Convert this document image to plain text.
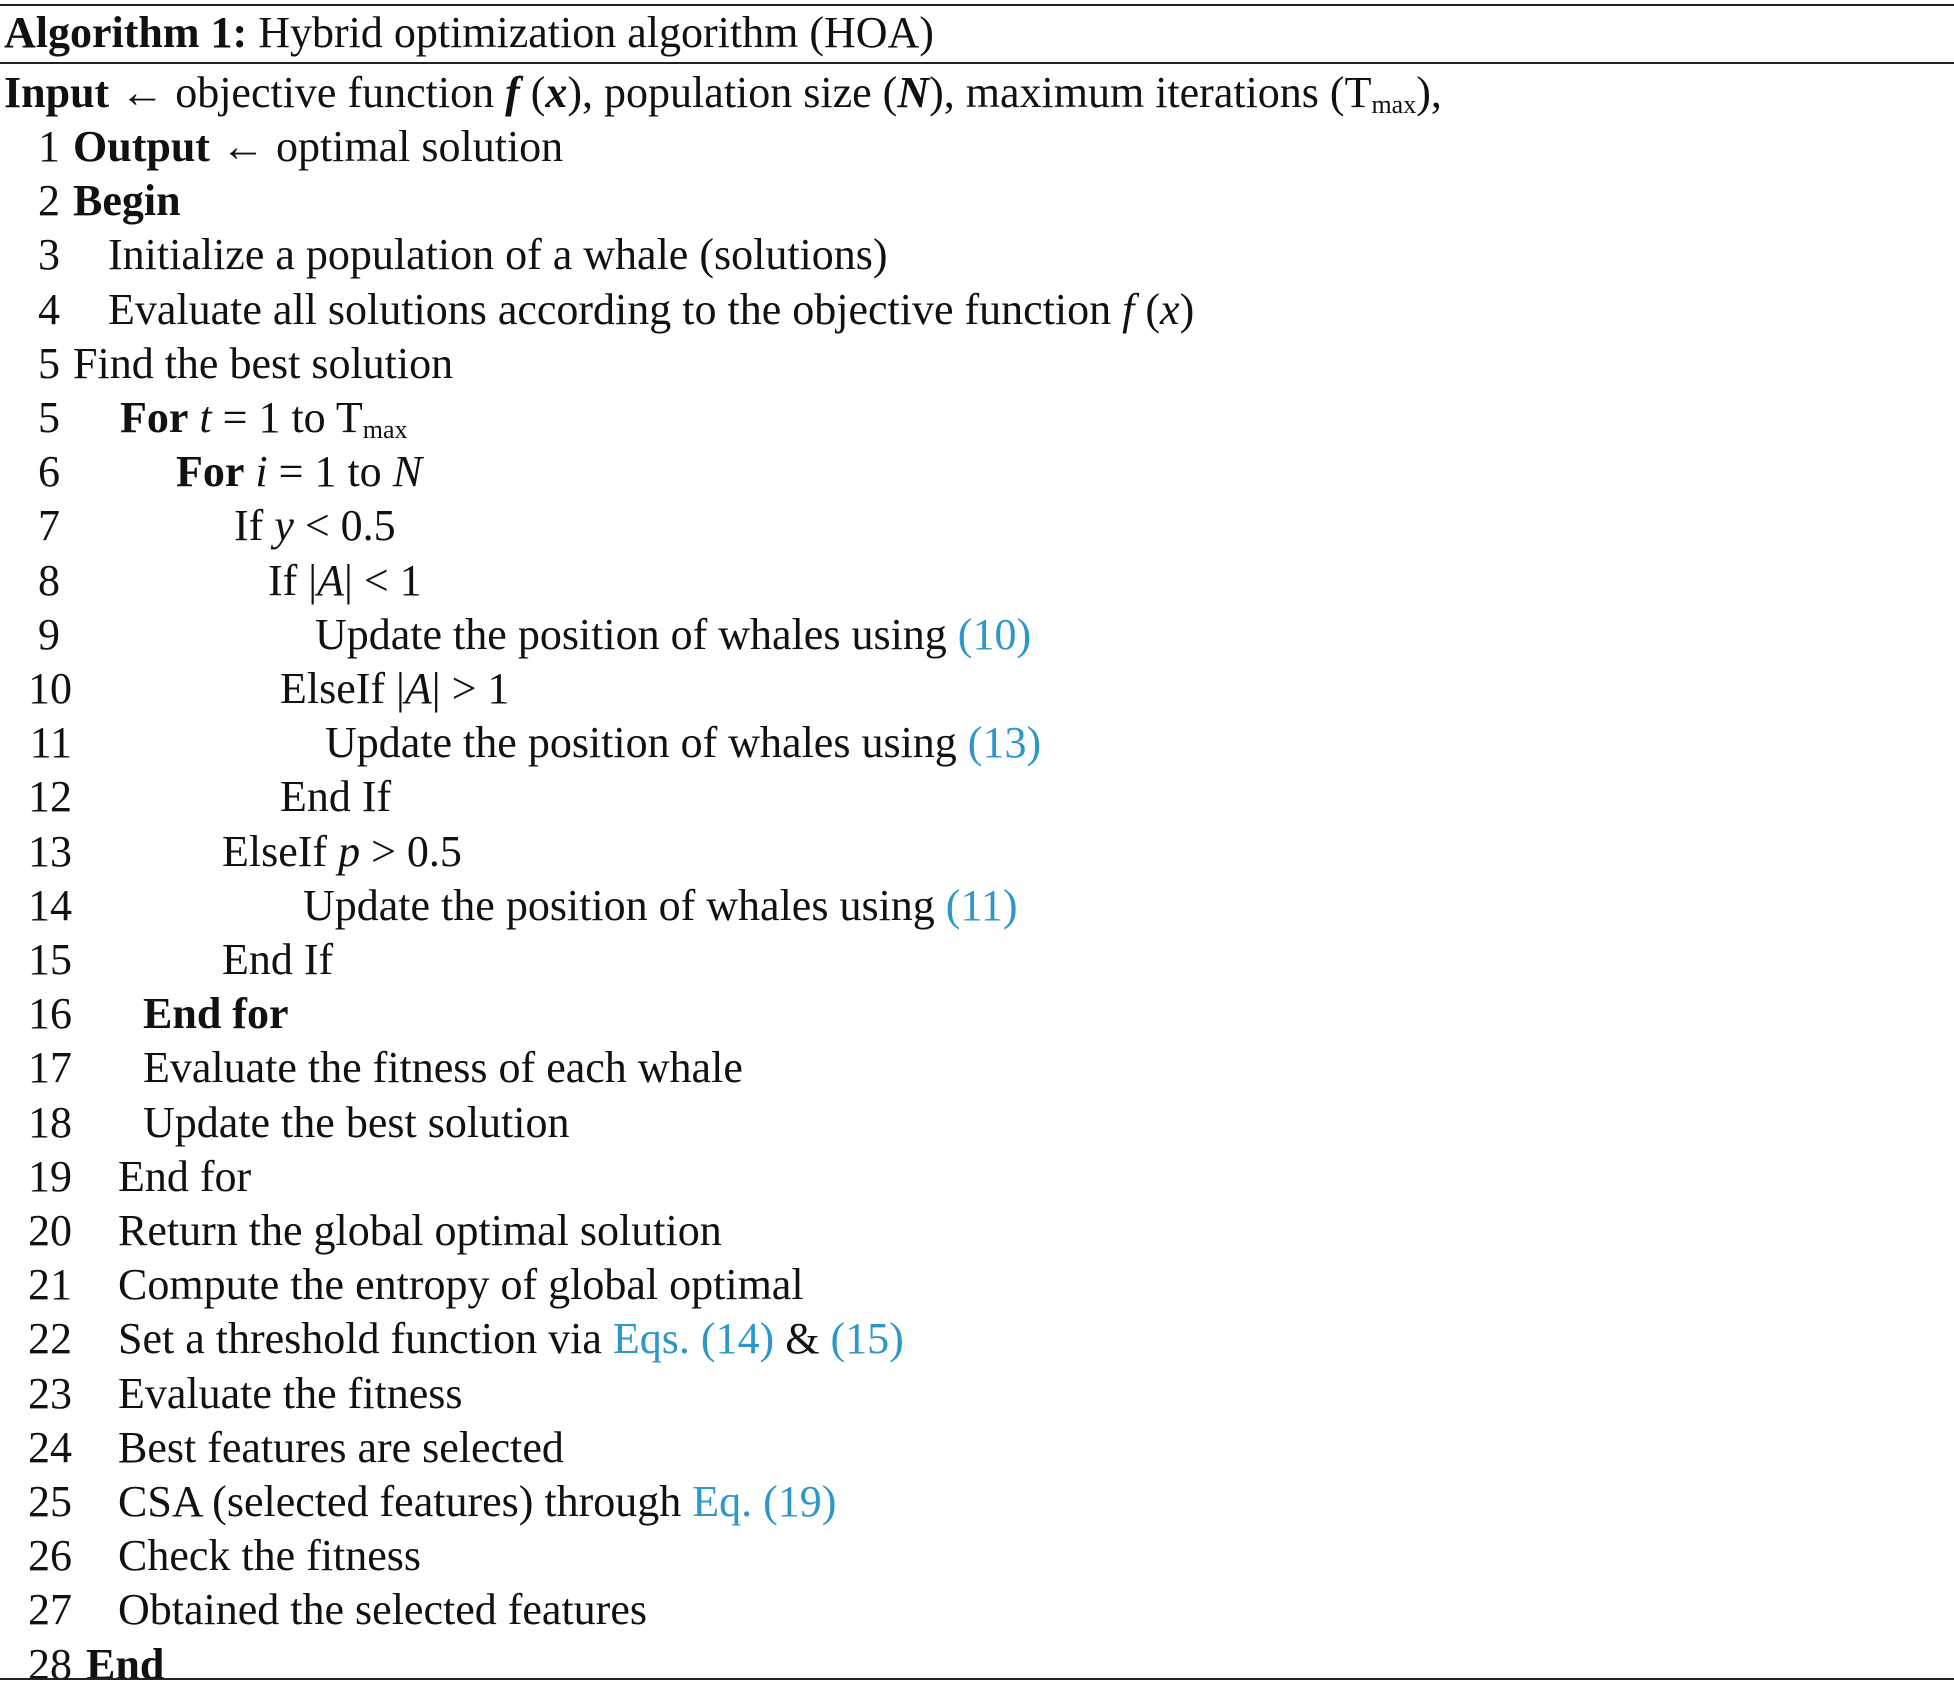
Algorithm 1: Hybrid optimization algorithm (HOA)
Input ← objective function f (x), population size (N), maximum iterations $(T_{max})$,
1 Output ← optimal solution
2 Begin
3 Initialize a population of a whale (solutions)
4 Evaluate all solutions according to the objective function f (x)
5 Find the best solution
5 For t = 1 to $T_{max}$
6	For i = 1 to N
7	If y < 0.5
8	If |A| < 1
9	Update the position of whales using (10)
10	ElseIf |A| > 1
11	Update the position of whales using (13)
12	End If
13	ElseIf p > 0.5
14	Update the position of whales using (11)
15	End If
16 End for
17 Evaluate the fitness of each whale
18 Update the best solution
19 End for
20 Return the global optimal solution
21 Compute the entropy of global optimal
22 Set a threshold function via Eqs. (14) & (15)
23 Evaluate the fitness
24 Best features are selected
25 CSA (selected features) through Eq. (19)
26 Check the fitness
27 Obtained the selected features
28 End
